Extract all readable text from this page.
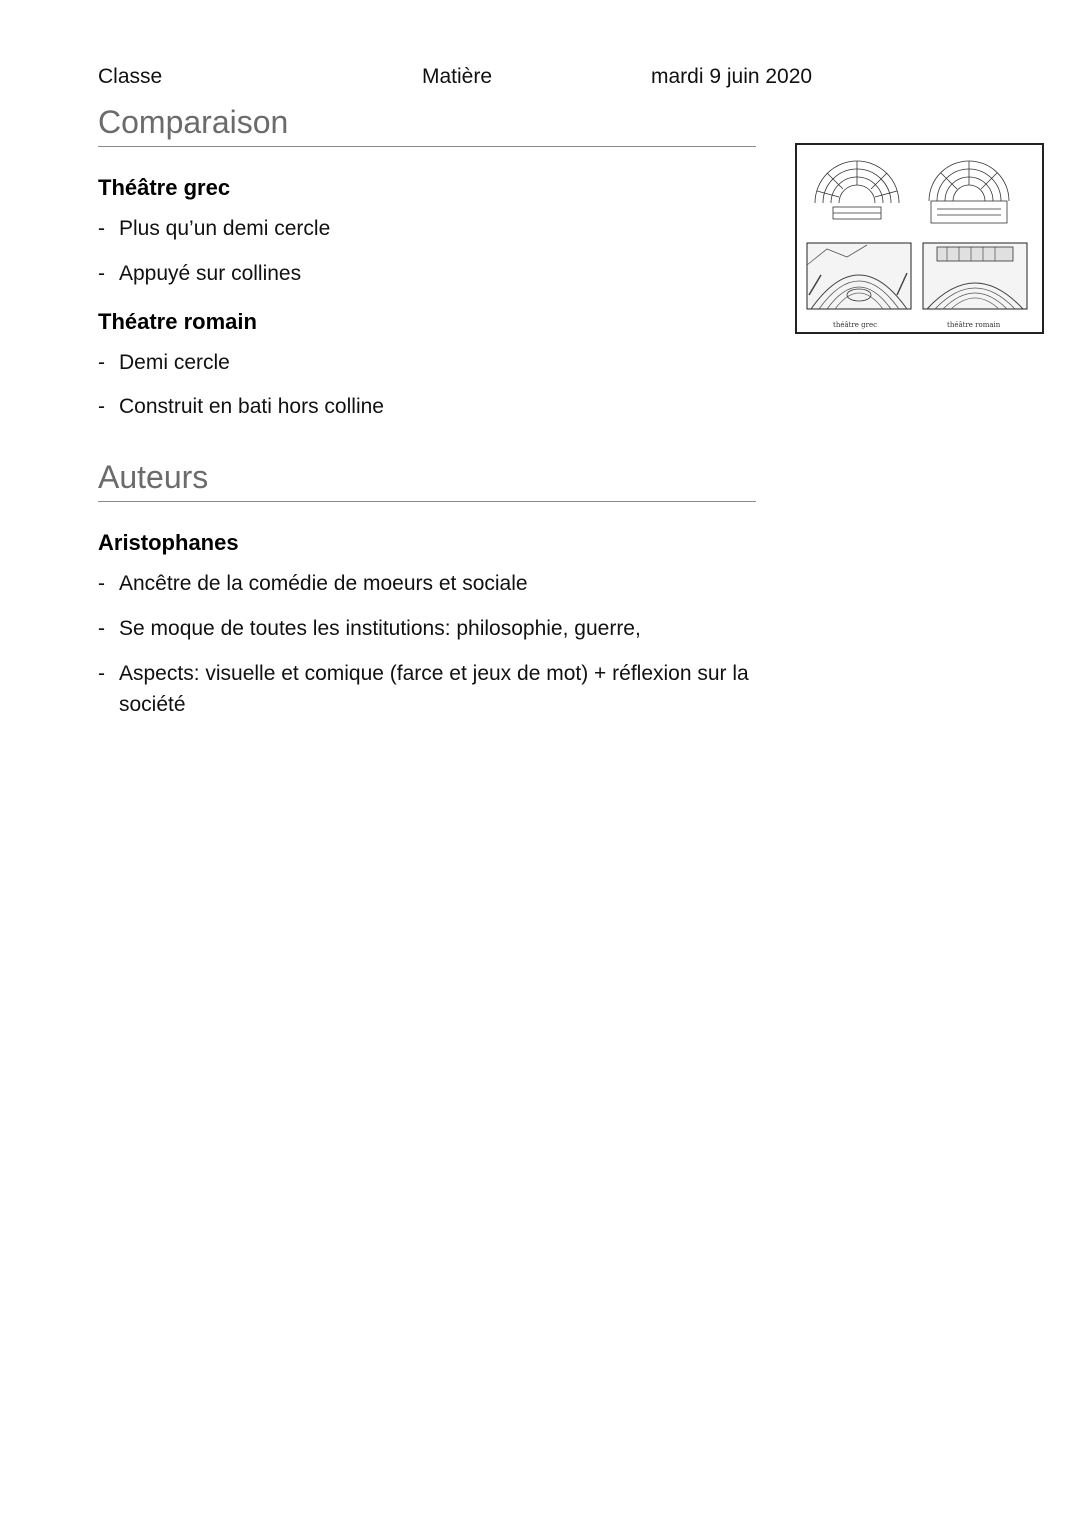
Classe	Matière	mardi 9 juin 2020
Comparaison
Théâtre grec
- Plus qu’un demi cercle
- Appuyé sur collines
Théatre romain
- Demi cercle
- Construit en bati hors colline
Auteurs
Aristophanes
- Ancêtre de la comédie de moeurs et sociale
- Se moque de toutes les institutions: philosophie, guerre,
- Aspects: visuelle et comique (farce et jeux de mot) + réflexion sur la société
théâtre grec	théâtre romain
